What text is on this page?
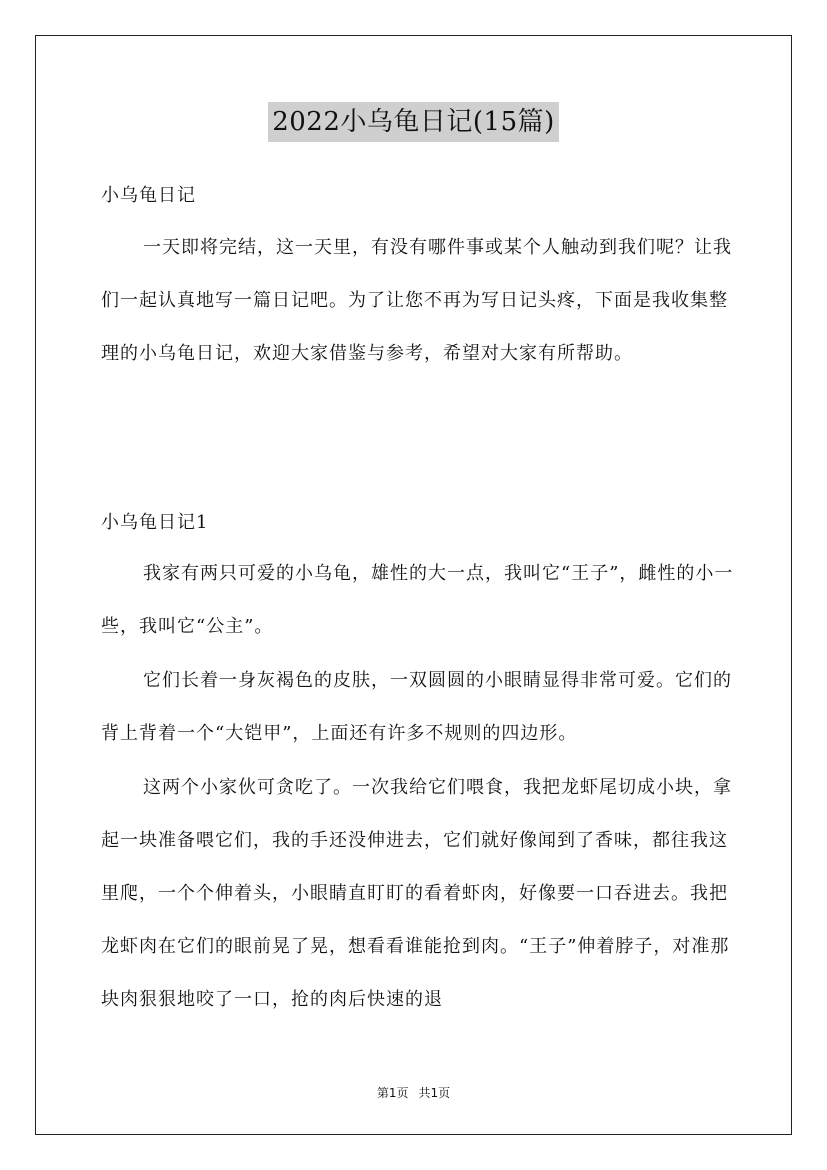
2022小乌龟日记(15篇)
小乌龟日记

一天即将完结，这一天里，有没有哪件事或某个人触动到我们呢？让我们一起认真地写一篇日记吧。为了让您不再为写日记头疼，下面是我收集整理的小乌龟日记，欢迎大家借鉴与参考，希望对大家有所帮助。

小乌龟日记1

我家有两只可爱的小乌龟，雄性的大一点，我叫它“王子”，雌性的小一些，我叫它“公主”。

它们长着一身灰褐色的皮肤，一双圆圆的小眼睛显得非常可爱。它们的背上背着一个“大铠甲”，上面还有许多不规则的四边形。

这两个小家伙可贪吃了。一次我给它们喂食，我把龙虾尾切成小块，拿起一块准备喂它们，我的手还没伸进去，它们就好像闻到了香味，都往我这里爬，一个个伸着头，小眼睛直盯盯的看着虾肉，好像要一口吞进去。我把龙虾肉在它们的眼前晃了晃，想看看谁能抢到肉。“王子”伸着脖子，对准那块肉狠狠地咬了一口，抢的肉后快速的退

第1页 共1页
